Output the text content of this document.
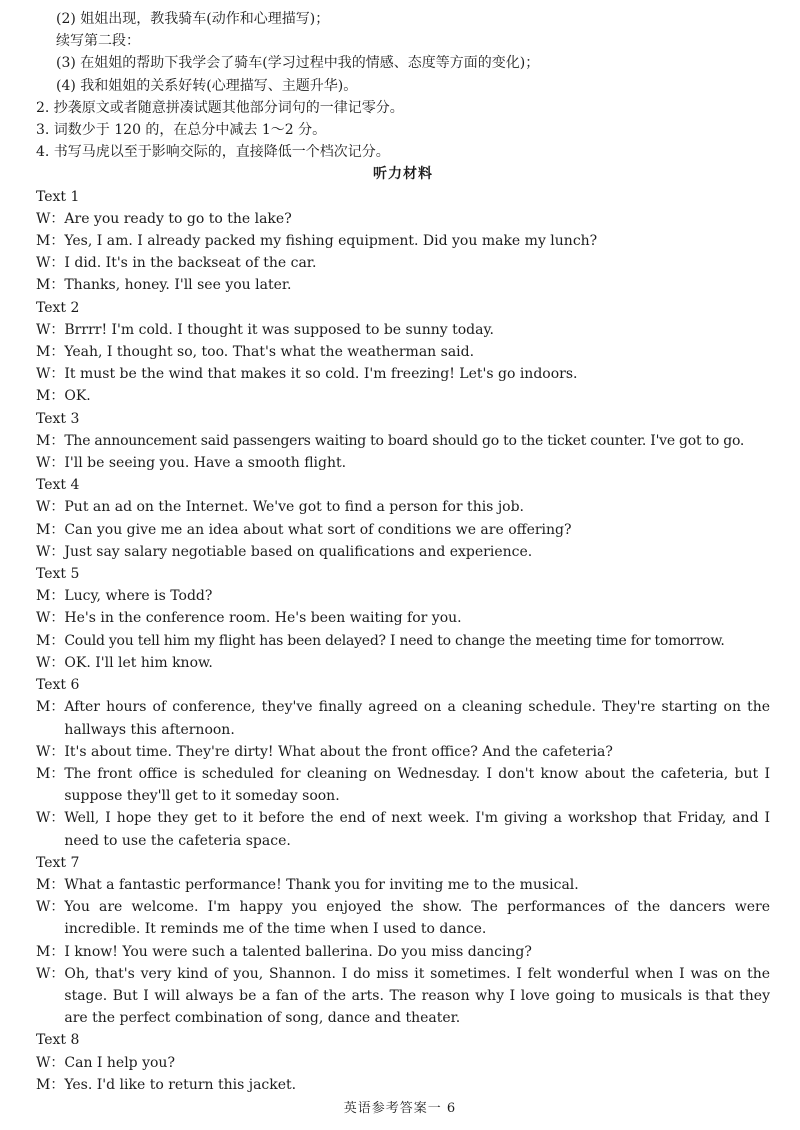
(2) 姐姐出现，教我骑车(动作和心理描写)；
续写第二段：
(3) 在姐姐的帮助下我学会了骑车(学习过程中我的情感、态度等方面的变化)；
(4) 我和姐姐的关系好转(心理描写、主题升华)。
2. 抄袭原文或者随意拼凑试题其他部分词句的一律记零分。
3. 词数少于 120 的，在总分中减去 1～2 分。
4. 书写马虎以至于影响交际的，直接降低一个档次记分。
听力材料
Text 1
W： Are you ready to go to the lake?
M： Yes, I am. I already packed my fishing equipment. Did you make my lunch?
W： I did. It's in the backseat of the car.
M： Thanks, honey. I'll see you later.
Text 2
W： Brrrr! I'm cold. I thought it was supposed to be sunny today.
M： Yeah, I thought so, too. That's what the weatherman said.
W： It must be the wind that makes it so cold. I'm freezing! Let's go indoors.
M： OK.
Text 3
M： The announcement said passengers waiting to board should go to the ticket counter. I've got to go.
W： I'll be seeing you. Have a smooth flight.
Text 4
W： Put an ad on the Internet. We've got to find a person for this job.
M： Can you give me an idea about what sort of conditions we are offering?
W： Just say salary negotiable based on qualifications and experience.
Text 5
M： Lucy, where is Todd?
W： He's in the conference room. He's been waiting for you.
M： Could you tell him my flight has been delayed? I need to change the meeting time for tomorrow.
W： OK. I'll let him know.
Text 6
M： After hours of conference, they've finally agreed on a cleaning schedule. They're starting on the hallways this afternoon.
W： It's about time. They're dirty! What about the front office? And the cafeteria?
M： The front office is scheduled for cleaning on Wednesday. I don't know about the cafeteria, but I suppose they'll get to it someday soon.
W： Well, I hope they get to it before the end of next week. I'm giving a workshop that Friday, and I need to use the cafeteria space.
Text 7
M： What a fantastic performance! Thank you for inviting me to the musical.
W： You are welcome. I'm happy you enjoyed the show. The performances of the dancers were incredible. It reminds me of the time when I used to dance.
M： I know! You were such a talented ballerina. Do you miss dancing?
W： Oh, that's very kind of you, Shannon. I do miss it sometimes. I felt wonderful when I was on the stage. But I will always be a fan of the arts. The reason why I love going to musicals is that they are the perfect combination of song, dance and theater.
Text 8
W： Can I help you?
M： Yes. I'd like to return this jacket.
英语参考答案一 6
